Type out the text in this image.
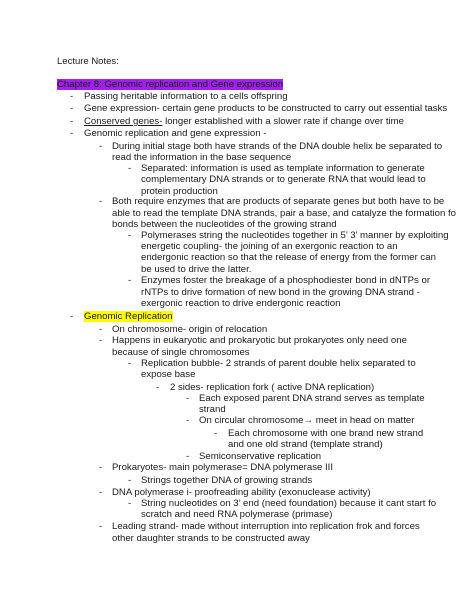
Lecture Notes:
Chapter 8: Genomic replication and Gene expression
- Passing heritable information to a cells offspring
- Gene expression- certain gene products to be constructed to carry out essential tasks
- Conserved genes- longer established with a slower rate if change over time
- Genomic replication and gene expression -
- During initial stage both have strands of the DNA double helix be separated to
read the information in the base sequence
- Separated: information is used as template information to generate
complementary DNA strands or to generate RNA that would lead to
protein production
- Both require enzymes that are products of separate genes but both have to be
able to read the template DNA strands, pair a base, and catalyze the formation fo
bonds between the nucleotides of the growing strand
- Polymerases string the nucleotides together in 5’ 3’ manner by exploiting
energetic coupling- the joining of an exergonic reaction to an
endergonic reaction so that the release of energy from the former can
be used to drive the latter.
- Enzymes foster the breakage of a phosphodiester bond in dNTPs or
rNTPs to drive formation of new bond in the growing DNA strand -
exergonic reaction to drive endergonic reaction
- Genomic Replication
- On chromosome- origin of relocation
- Happens in eukaryotic and prokaryotic but prokaryotes only need one
because of single chromosomes
- Replication bubble- 2 strands of parent double helix separated to
expose base
- 2 sides- replication fork ( active DNA replication)
- Each exposed parent DNA strand serves as template
strand
- On circular chromosome→ meet in head on matter
- Each chromosome with one brand new strand
and one old strand (template strand)
- Semiconservative replication
- Prokaryotes- main polymerase= DNA polymerase III
- Strings together DNA of growing strands
- DNA polymerase i- proofreading ability (exonuclease activity)
- String nucleotides on 3’ end (need foundation) because it cant start fo
scratch and need RNA polymerase (primase)
- Leading strand- made without interruption into replication frok and forces
other daughter strands to be constructed away
